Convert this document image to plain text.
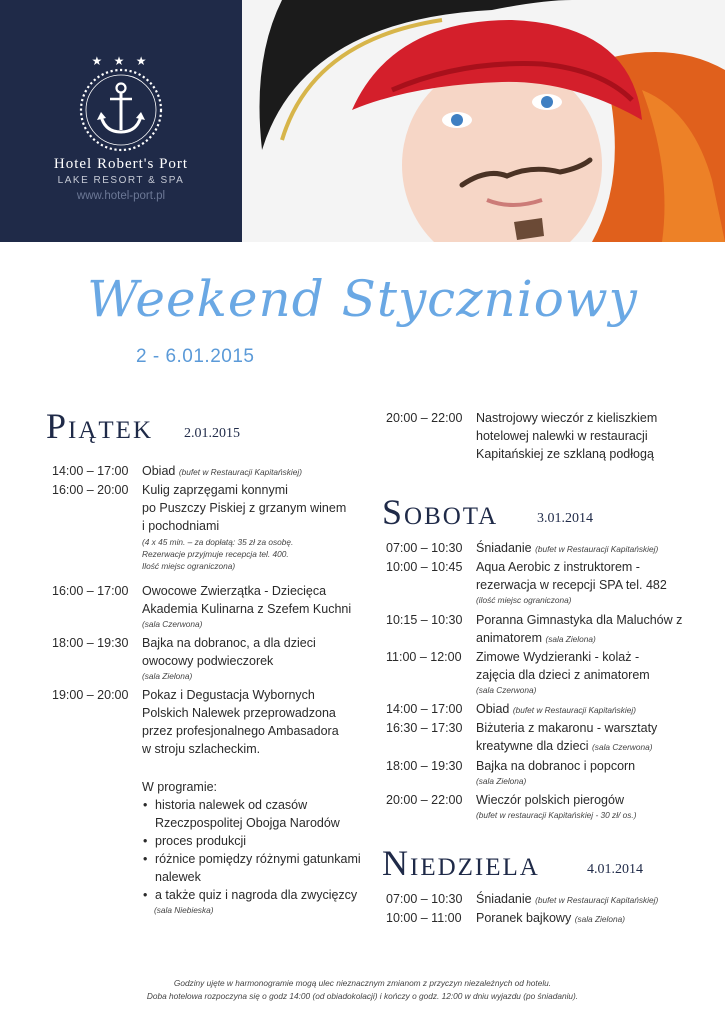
★ ★ ★
Hotel Robert's Port
LAKE RESORT & SPA
www.hotel-port.pl
Weekend Styczniowy
2 - 6.01.2015
Piątek 2.01.2015
14:00 – 17:00 Obiad (bufet w Restauracji Kapitańskiej)
16:00 – 20:00 Kulig zaprzęgami konnymi
po Puszczy Piskiej z grzanym winem
i pochodniami
(4 x 45 min. – za dopłatą: 35 zł za osobę.
Rezerwacje przyjmuje recepcja tel. 400.
Ilość miejsc ograniczona)
16:00 – 17:00 Owocowe Zwierzątka - Dziecięca
Akademia Kulinarna z Szefem Kuchni
(sala Czerwona)
18:00 – 19:30 Bajka na dobranoc, a dla dzieci
owocowy podwieczorek
(sala Zielona)
19:00 – 20:00 Pokaz i Degustacja Wybornych
Polskich Nalewek przeprowadzona
przez profesjonalnego Ambasadora
w stroju szlacheckim.
W programie:
• historia nalewek od czasów
Rzeczpospolitej Obojga Narodów
• proces produkcji
• różnice pomiędzy różnymi gatunkami
nalewek
• a także quiz i nagroda dla zwycięzcy
(sala Niebieska)
20:00 – 22:00 Nastrojowy wieczór z kieliszkiem
hotelowej nalewki w restauracji
Kapitańskiej ze szklaną podłogą
Sobota	3.01.2014
07:00 – 10:30 Śniadanie (bufet w Restauracji Kapitańskiej)
10:00 – 10:45 Aqua Aerobic z instruktorem -
rezerwacja w recepcji SPA tel. 482
(ilość miejsc ograniczona)
10:15 – 10:30 Poranna Gimnastyka dla Maluchów z
animatorem (sala Zielona)
11:00 – 12:00 Zimowe Wydzieranki - kolaż -
zajęcia dla dzieci z animatorem
(sala Czerwona)
14:00 – 17:00 Obiad (bufet w Restauracji Kapitańskiej)
16:30 – 17:30 Biżuteria z makaronu - warsztaty
kreatywne dla dzieci (sala Czerwona)
18:00 – 19:30 Bajka na dobranoc i popcorn
(sala Zielona)
20:00 – 22:00 Wieczór polskich pierogów
(bufet w restauracji Kapitańskiej - 30 zł/ os.)
Niedziela	4.01.2014
07:00 – 10:30 Śniadanie (bufet w Restauracji Kapitańskiej)
10:00 – 11:00 Poranek bajkowy (sala Zielona)
Godziny ujęte w harmonogramie mogą ulec nieznacznym zmianom z przyczyn niezależnych od hotelu.
Doba hotelowa rozpoczyna się o godz 14:00 (od obiadokolacji) i kończy o godz. 12:00 w dniu wyjazdu (po śniadaniu).
